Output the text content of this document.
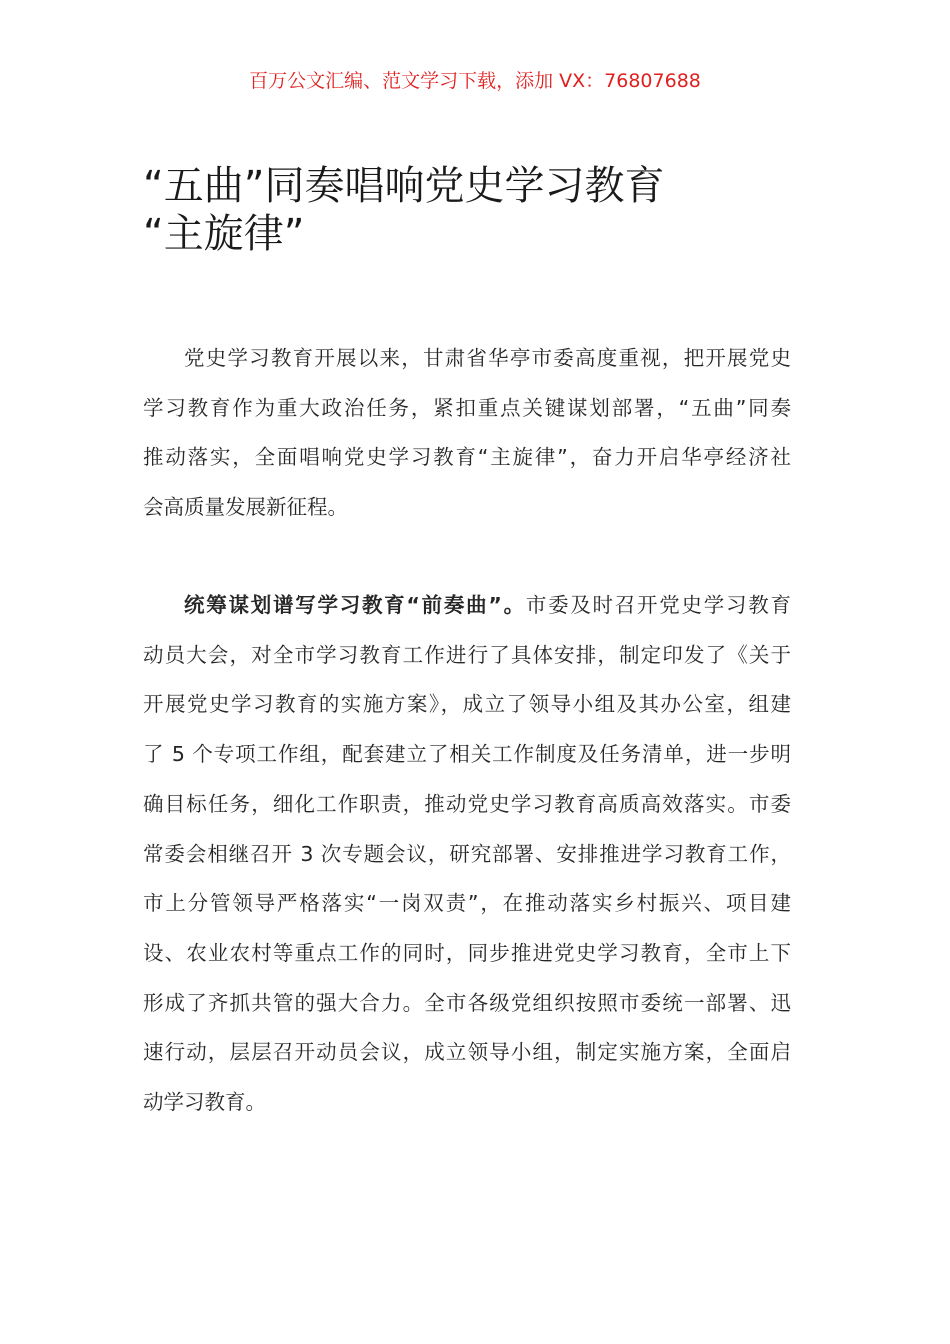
百万公文汇编、范文学习下载，添加 VX：76807688
“五曲”同奏唱响党史学习教育
“主旋律”
党史学习教育开展以来，甘肃省华亭市委高度重视，把开展党史
学习教育作为重大政治任务，紧扣重点关键谋划部署，“五曲”同奏
推动落实，全面唱响党史学习教育“主旋律”，奋力开启华亭经济社
会高质量发展新征程。
统筹谋划谱写学习教育“前奏曲”。市委及时召开党史学习教育
动员大会，对全市学习教育工作进行了具体安排，制定印发了《关于
开展党史学习教育的实施方案》，成立了领导小组及其办公室，组建
了 5 个专项工作组，配套建立了相关工作制度及任务清单，进一步明
确目标任务，细化工作职责，推动党史学习教育高质高效落实。市委
常委会相继召开 3 次专题会议，研究部署、安排推进学习教育工作，
市上分管领导严格落实“一岗双责”，在推动落实乡村振兴、项目建
设、农业农村等重点工作的同时，同步推进党史学习教育，全市上下
形成了齐抓共管的强大合力。全市各级党组织按照市委统一部署、迅
速行动，层层召开动员会议，成立领导小组，制定实施方案，全面启
动学习教育。
